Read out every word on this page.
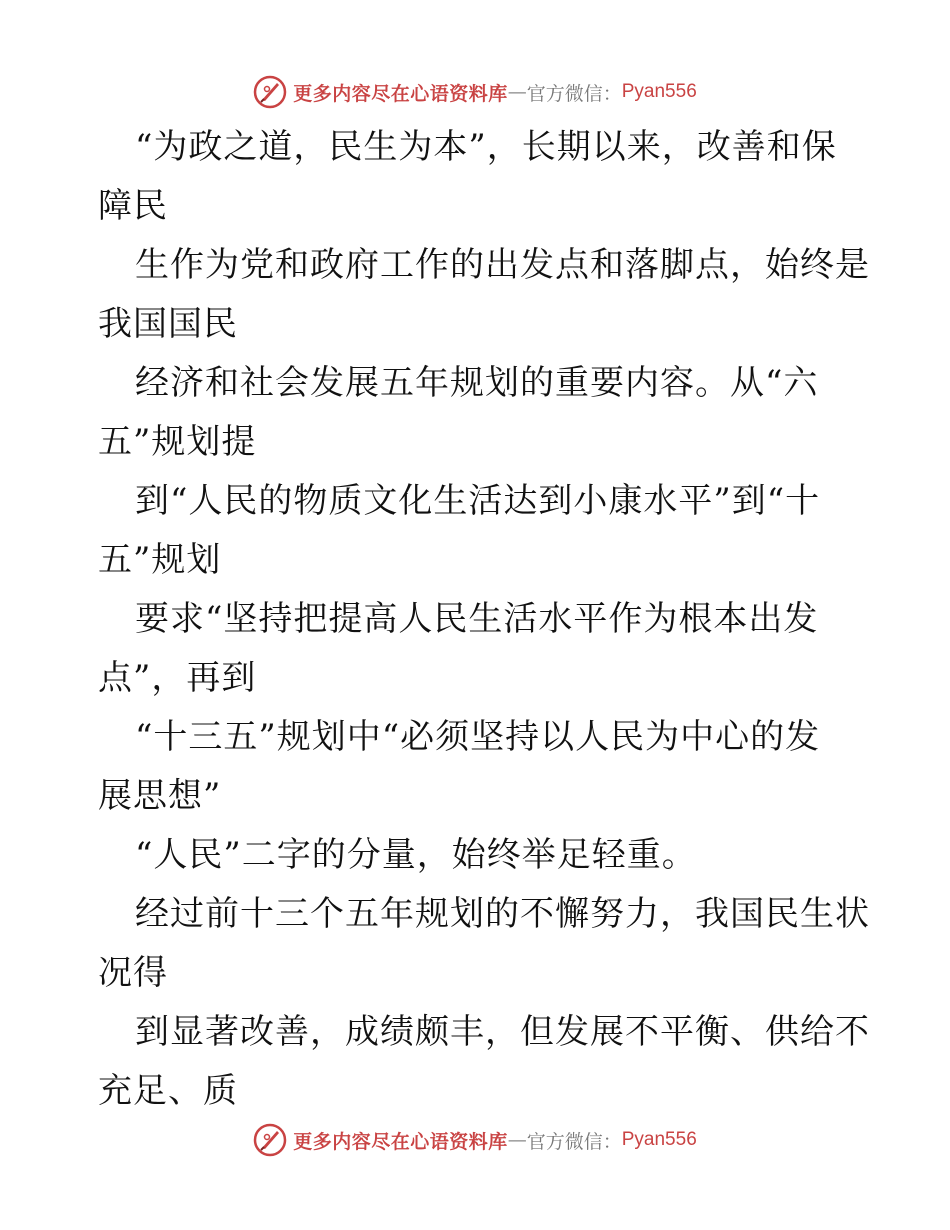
更多内容尽在心语资料库 — 官方微信： Pyan556
“为政之道，民生为本”，长期以来，改善和保
障民
生作为党和政府工作的出发点和落脚点，始终是
我国国民
经济和社会发展五年规划的重要内容。从“六
五”规划提
到“人民的物质文化生活达到小康水平”到“十
五”规划
要求“坚持把提高人民生活水平作为根本出发
点”，再到
“十三五”规划中“必须坚持以人民为中心的发
展思想”
“人民”二字的分量，始终举足轻重。
经过前十三个五年规划的不懈努力，我国民生状
况得
到显著改善，成绩颇丰，但发展不平衡、供给不
充足、质
更多内容尽在心语资料库 — 官方微信： Pyan556
